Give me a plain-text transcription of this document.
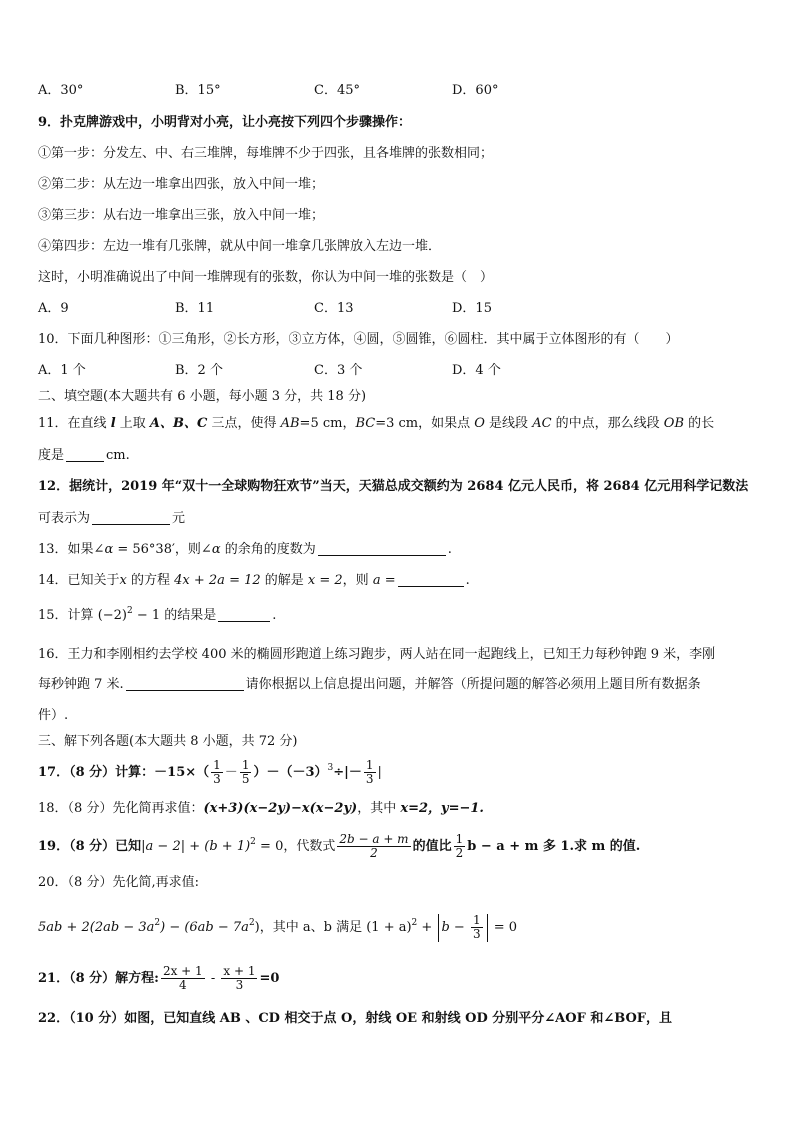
A．30°	B．15°	C．45°	D．60°
9．扑克牌游戏中，小明背对小亮，让小亮按下列四个步骤操作：
①第一步：分发左、中、右三堆牌，每堆牌不少于四张，且各堆牌的张数相同；
②第二步：从左边一堆拿出四张，放入中间一堆；
③第三步：从右边一堆拿出三张，放入中间一堆；
④第四步：左边一堆有几张牌，就从中间一堆拿几张牌放入左边一堆．
这时，小明准确说出了中间一堆牌现有的张数，你认为中间一堆的张数是（　）
A．9	B．11	C．13	D．15
10．下面几种图形：①三角形，②长方形，③立方体，④圆，⑤圆锥，⑥圆柱．其中属于立体图形的有（　　）
A．1 个	B．2 个	C．3 个	D．4 个
二、填空题(本大题共有 6 小题，每小题 3 分，共 18 分)
11．在直线 l 上取 A、B、C 三点，使得 AB=5 cm，BC=3 cm，如果点 O 是线段 AC 的中点，那么线段 OB 的长
度是	cm.
12．据统计，2019 年“双十一全球购物狂欢节”当天，天猫总成交额约为 2684 亿元人民币，将 2684 亿元用科学记数法
可表示为	元
13．如果∠α = 56°38′，则∠α 的余角的度数为	.
14．已知关于x 的方程 4x + 2a = 12 的解是 x = 2，则 a =	.
15．计算 $(-2)^2 - 1$ 的结果是	.
16．王力和李刚相约去学校 400 米的椭圆形跑道上练习跑步，两人站在同一起跑线上，已知王力每秒钟跑 9 米，李刚
每秒钟跑 7 米.	请你根据以上信息提出问题，并解答（所提问题的解答必须用上题目所有数据条
件）.
三、解下列各题(本大题共 8 小题，共 72 分)
17．（8 分）计算：$-15\times( \frac{1}{3} - \frac{1}{5} )-(-3)^3\div|- \frac{1}{3}$ |
18．（8 分）先化简再求值：(x+3)(x−2y)−x(x−2y)，其中 x=2，y=−1.
19．（8 分）已知$|a - 2| + (b + 1)^2 = 0$，代数式 $\frac{2b - a + m}{2}$ 的值比 $\frac{1}{2}$ b − a + m 多 1.求 m 的值.
20．（8 分）先化简,再求值:
$5ab + 2(2ab - 3a^2) - (6ab - 7a^2)$，其中 a、b 满足 $(1 + a)^2 + b - \frac{1}{3} = 0$
21．（8 分）解方程: $\frac{2x + 1}{4} - \frac{x + 1}{3} =0$
22．（10 分）如图，已知直线 AB 、CD 相交于点 O，射线 OE 和射线 OD 分别平分∠AOF 和∠BOF，且
